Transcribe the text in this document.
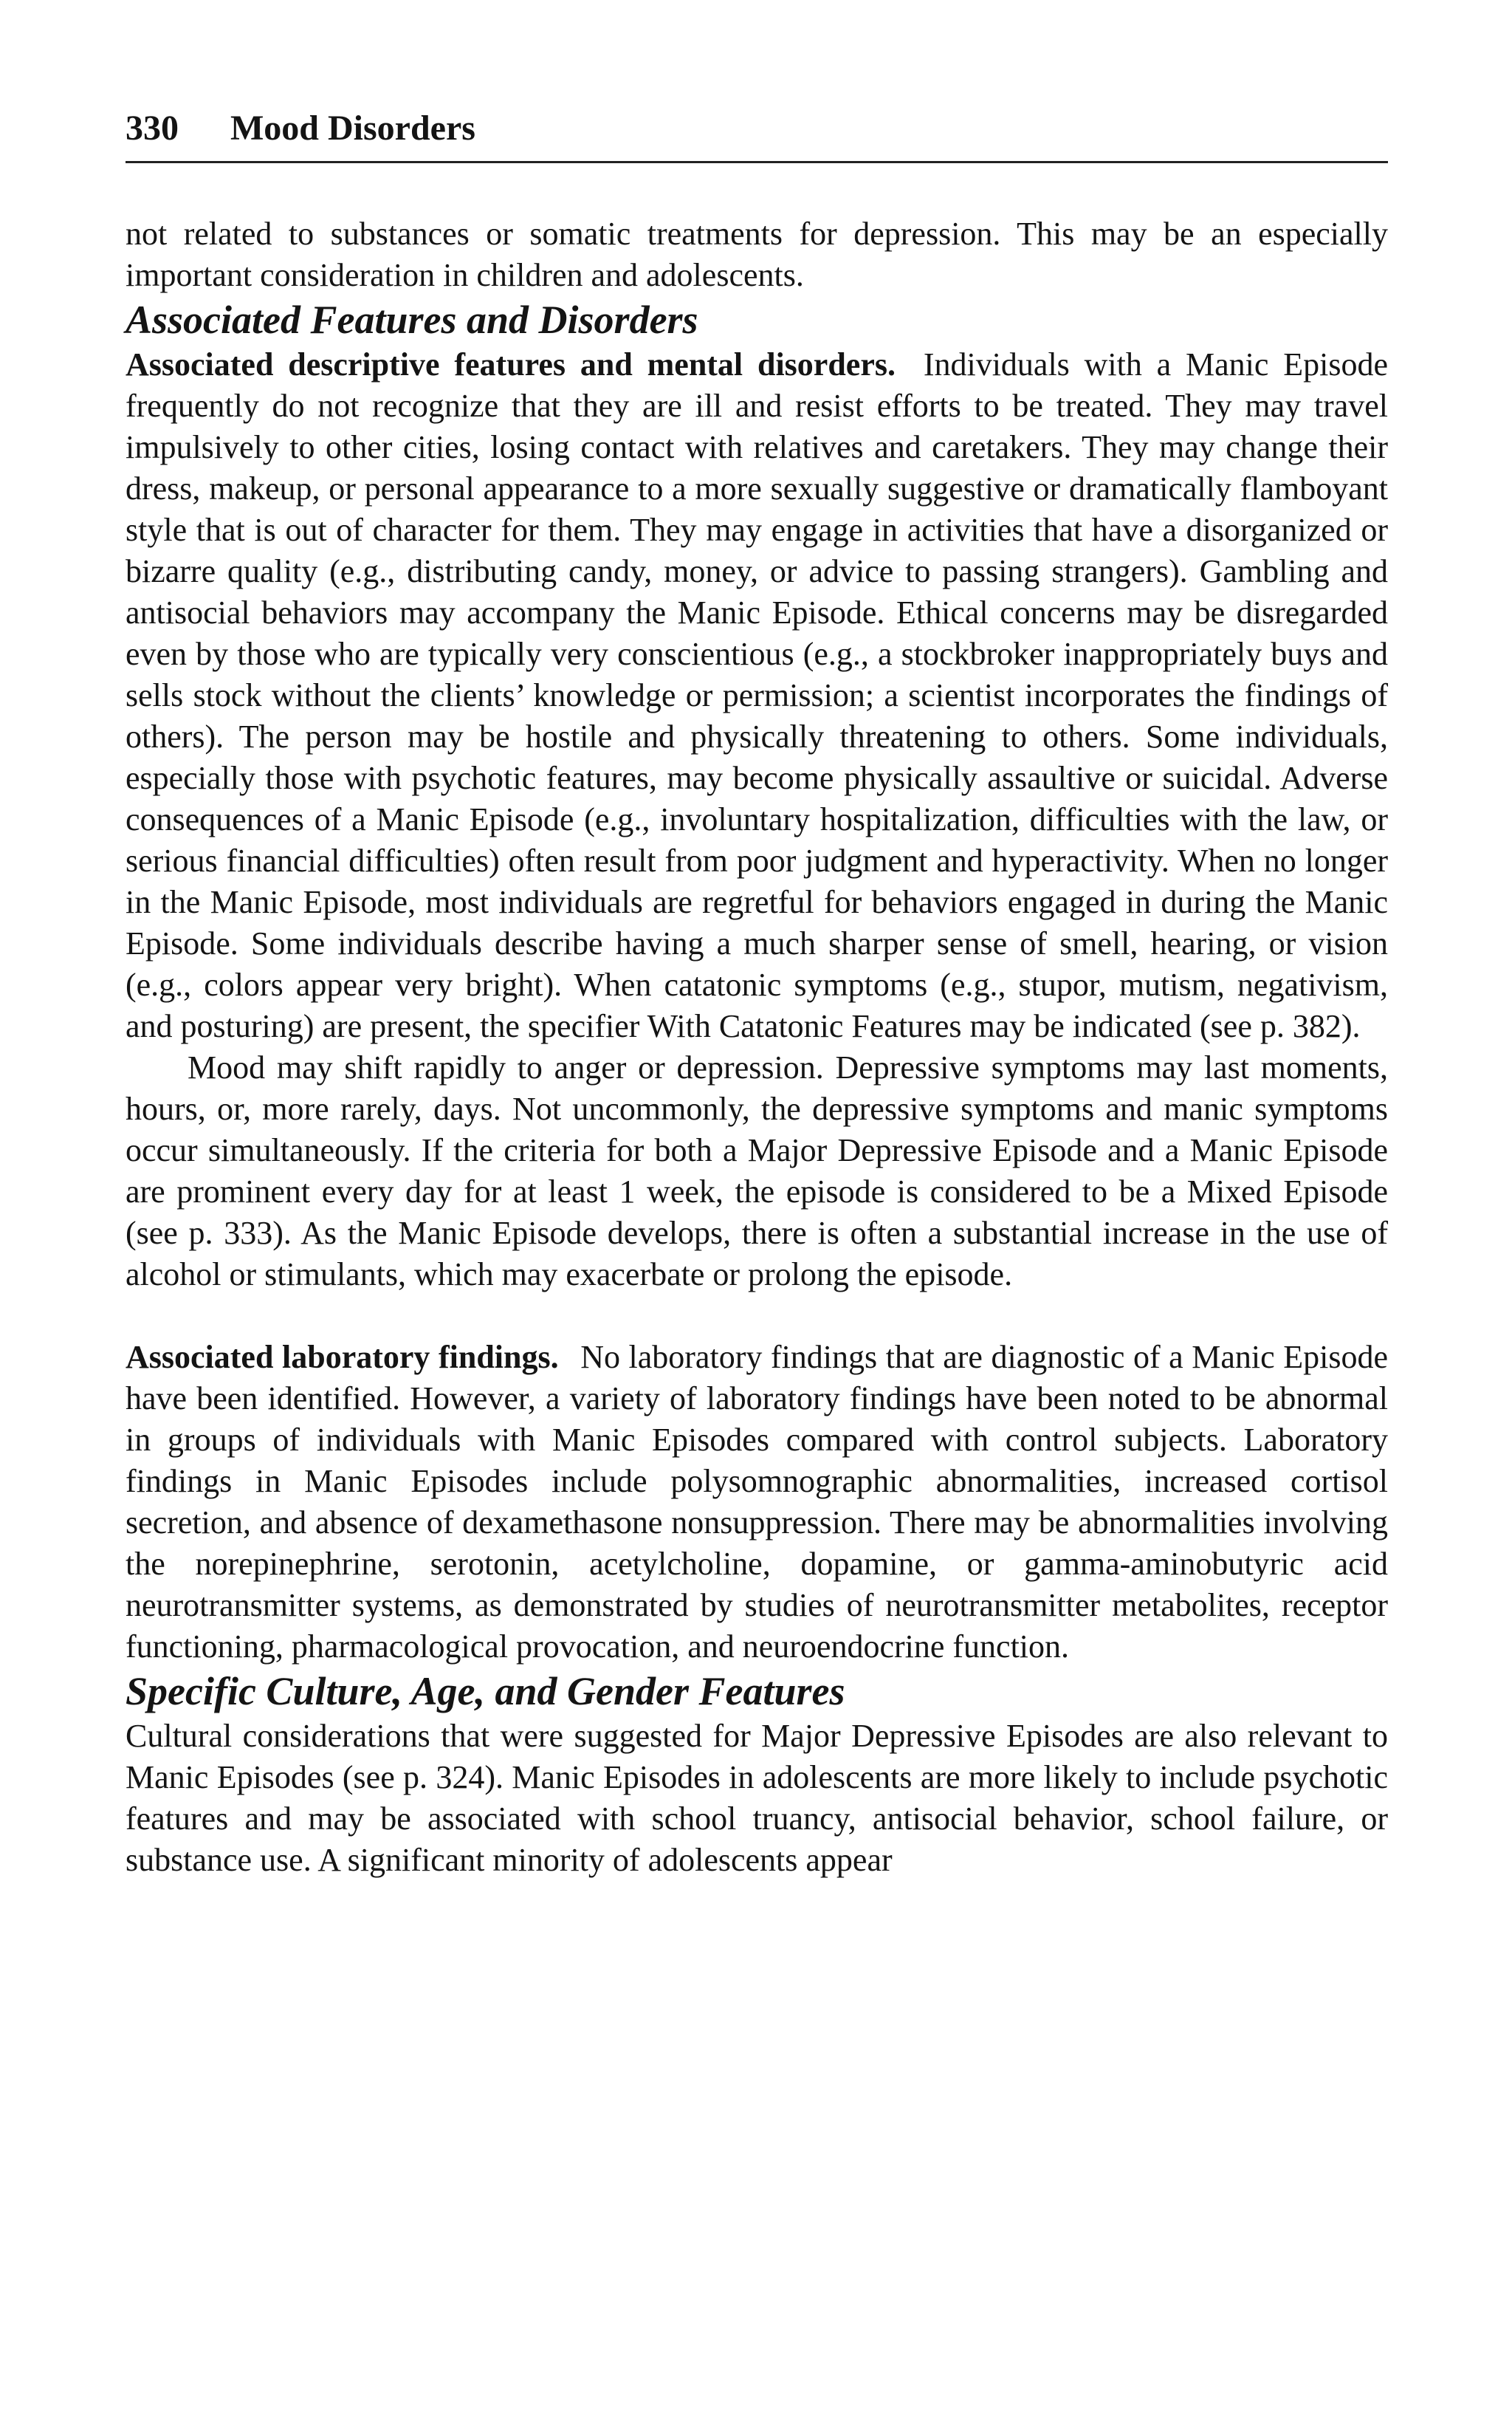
330 Mood Disorders

not related to substances or somatic treatments for depression. This may be an especially important consideration in children and adolescents.

Associated Features and Disorders

Associated descriptive features and mental disorders. Individuals with a Manic Episode frequently do not recognize that they are ill and resist efforts to be treated. They may travel impulsively to other cities, losing contact with relatives and caretakers. They may change their dress, makeup, or personal appearance to a more sexually suggestive or dramatically flamboyant style that is out of character for them. They may engage in activities that have a disorganized or bizarre quality (e.g., distributing candy, money, or advice to passing strangers). Gambling and antisocial behaviors may accompany the Manic Episode. Ethical concerns may be disregarded even by those who are typically very conscientious (e.g., a stockbroker inappropriately buys and sells stock without the clients’ knowledge or permission; a scientist incorporates the findings of others). The person may be hostile and physically threatening to others. Some individuals, especially those with psychotic features, may become physically assaultive or suicidal. Adverse consequences of a Manic Episode (e.g., involuntary hospitalization, difficulties with the law, or serious financial difficulties) often result from poor judgment and hyperactivity. When no longer in the Manic Episode, most individuals are regretful for behaviors engaged in during the Manic Episode. Some individuals describe having a much sharper sense of smell, hearing, or vision (e.g., colors appear very bright). When catatonic symptoms (e.g., stupor, mutism, negativism, and posturing) are present, the specifier With Catatonic Features may be indicated (see p. 382).

Mood may shift rapidly to anger or depression. Depressive symptoms may last moments, hours, or, more rarely, days. Not uncommonly, the depressive symptoms and manic symptoms occur simultaneously. If the criteria for both a Major Depressive Episode and a Manic Episode are prominent every day for at least 1 week, the episode is considered to be a Mixed Episode (see p. 333). As the Manic Episode develops, there is often a substantial increase in the use of alcohol or stimulants, which may exacerbate or prolong the episode.

Associated laboratory findings. No laboratory findings that are diagnostic of a Manic Episode have been identified. However, a variety of laboratory findings have been noted to be abnormal in groups of individuals with Manic Episodes compared with control subjects. Laboratory findings in Manic Episodes include polysomnographic abnormalities, increased cortisol secretion, and absence of dexamethasone nonsuppression. There may be abnormalities involving the norepinephrine, serotonin, acetylcholine, dopamine, or gamma-aminobutyric acid neurotransmitter systems, as demonstrated by studies of neurotransmitter metabolites, receptor functioning, pharmacological provocation, and neuroendocrine function.

Specific Culture, Age, and Gender Features

Cultural considerations that were suggested for Major Depressive Episodes are also relevant to Manic Episodes (see p. 324). Manic Episodes in adolescents are more likely to include psychotic features and may be associated with school truancy, antisocial behavior, school failure, or substance use. A significant minority of adolescents appear
